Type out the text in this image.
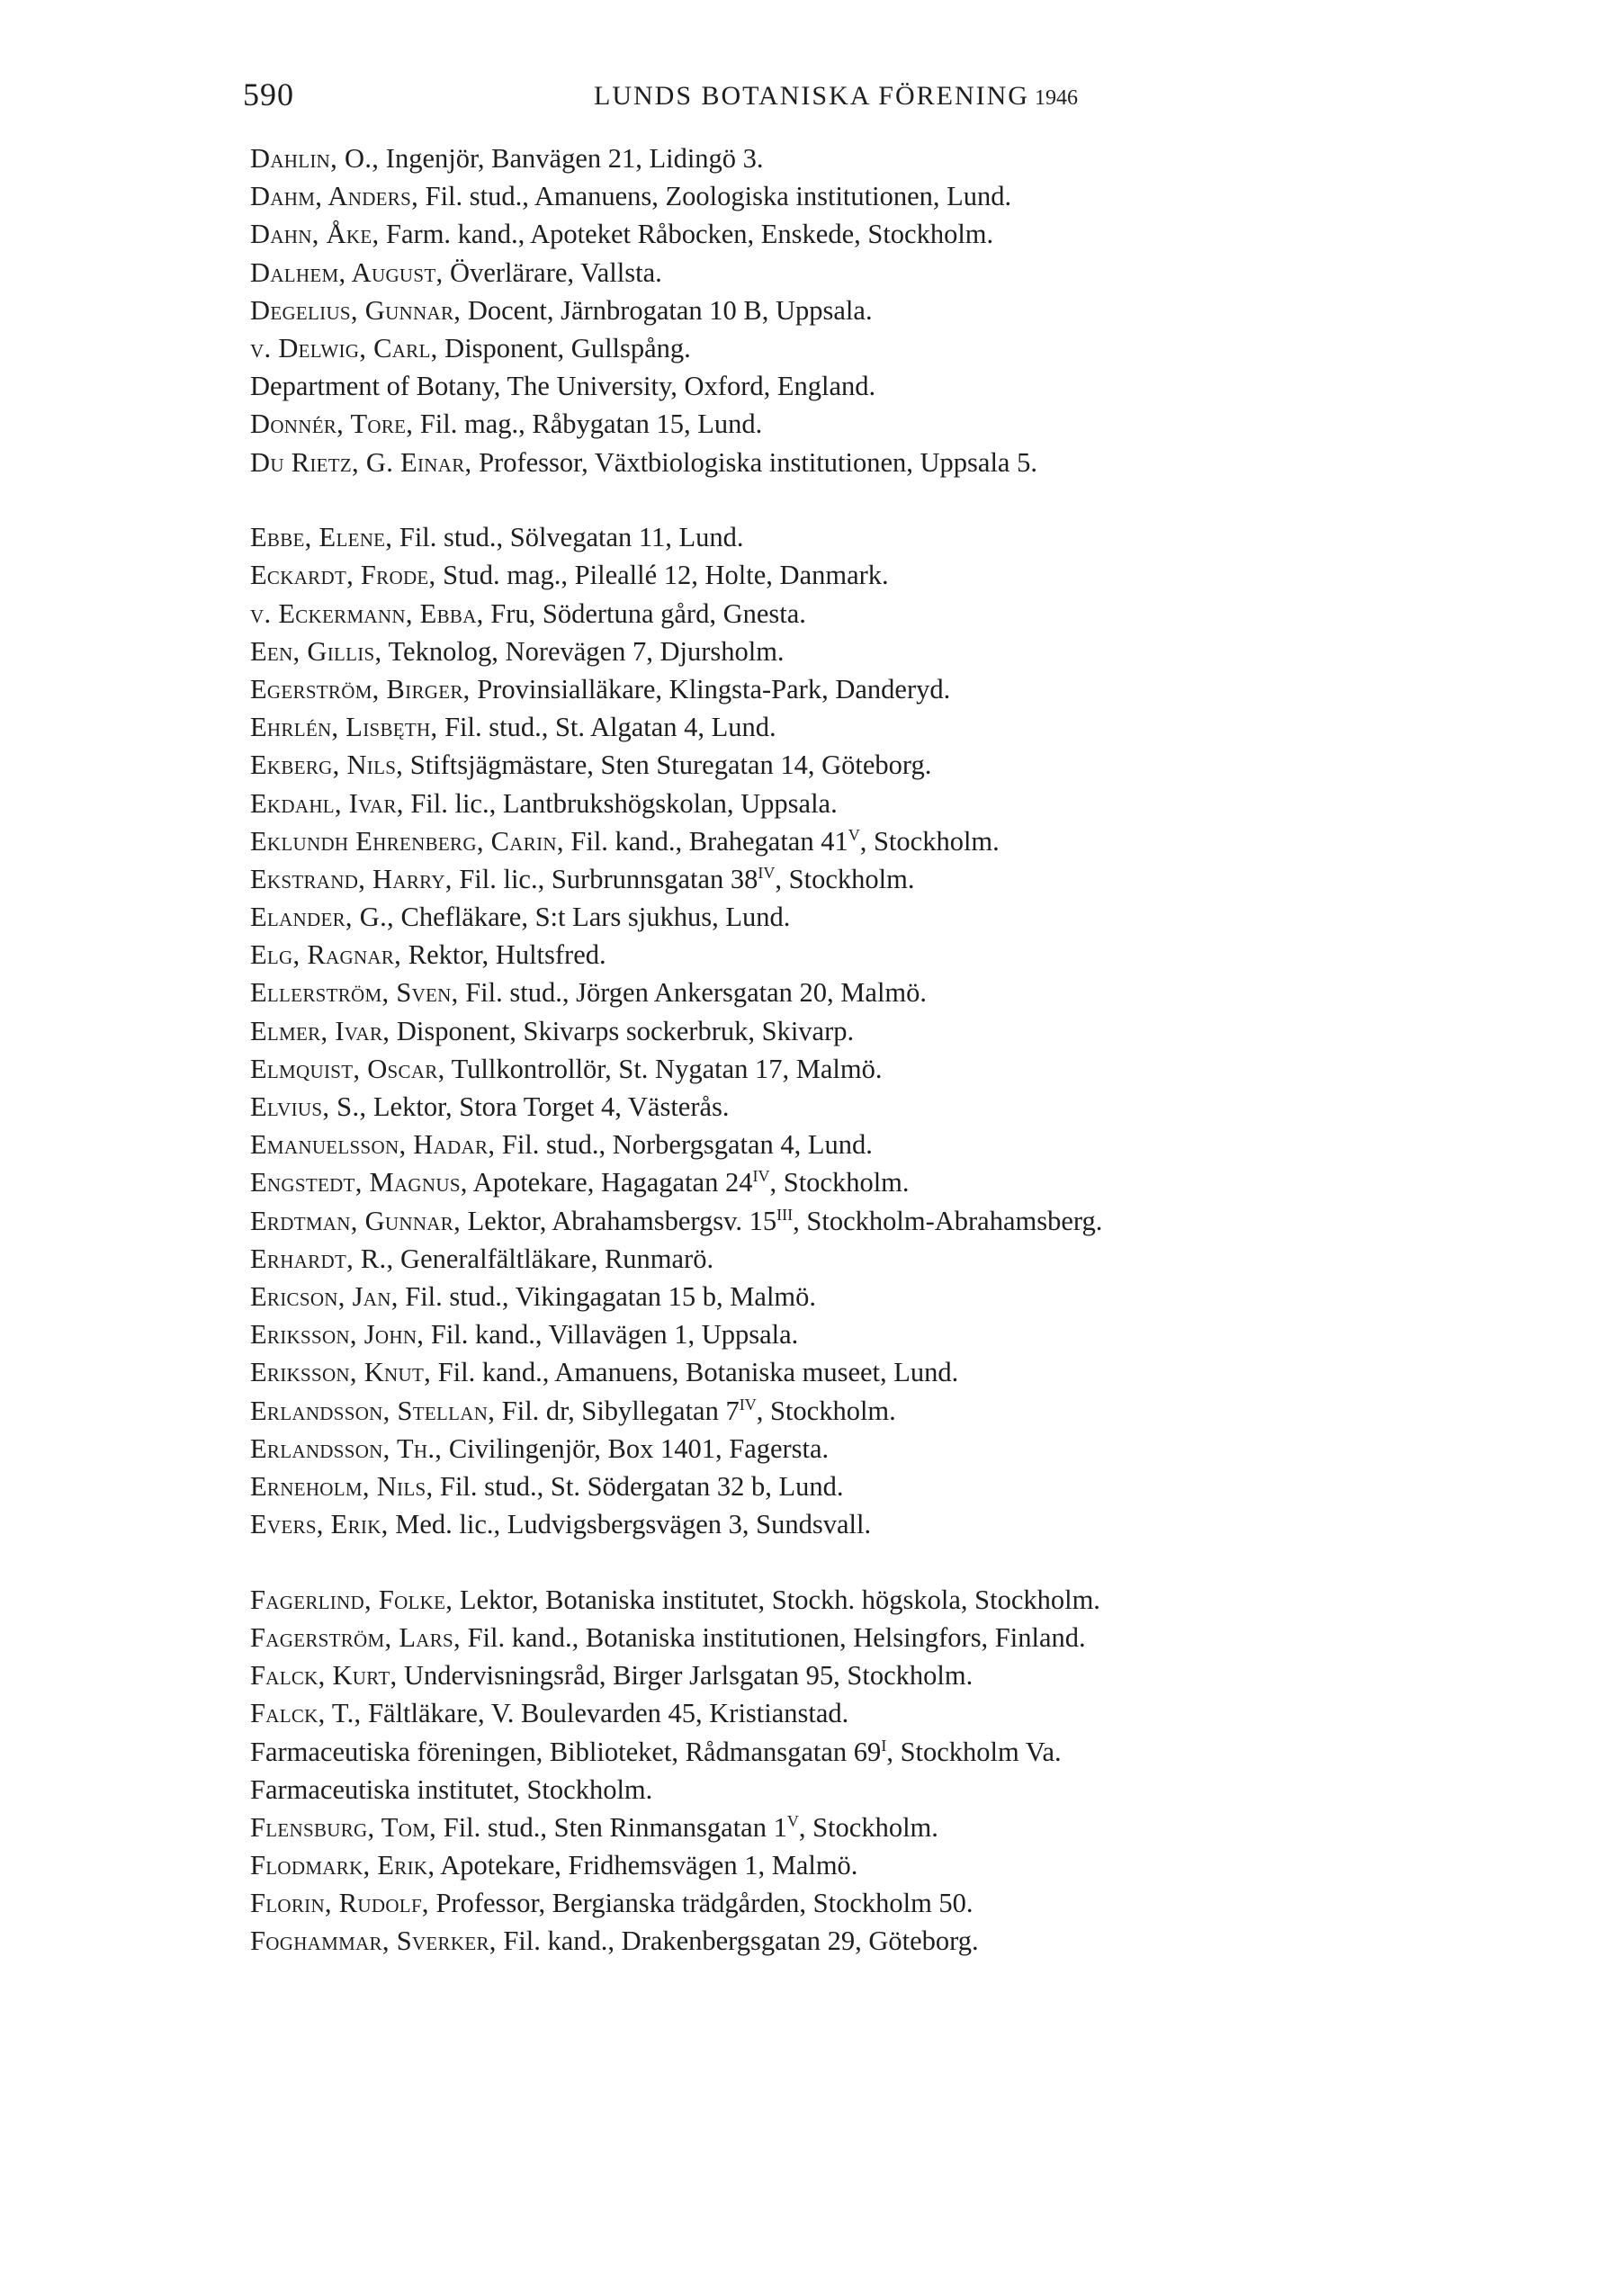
590	LUNDS BOTANISKA FÖRENING 1946
Dahlin, O., Ingenjör, Banvägen 21, Lidingö 3.
Dahm, Anders, Fil. stud., Amanuens, Zoologiska institutionen, Lund.
Dahn, Åke, Farm. kand., Apoteket Råbocken, Enskede, Stockholm.
Dalhem, August, Överlärare, Vallsta.
Degelius, Gunnar, Docent, Järnbrogatan 10 B, Uppsala.
v. Delwig, Carl, Disponent, Gullspång.
Department of Botany, The University, Oxford, England.
Donnér, Tore, Fil. mag., Råbygatan 15, Lund.
Du Rietz, G. Einar, Professor, Växtbiologiska institutionen, Uppsala 5.
Ebbe, Elene, Fil. stud., Sölvegatan 11, Lund.
Eckardt, Frode, Stud. mag., Pileallé 12, Holte, Danmark.
v. Eckermann, Ebba, Fru, Södertuna gård, Gnesta.
Een, Gillis, Teknolog, Norevägen 7, Djursholm.
Egerström, Birger, Provinsialläkare, Klingsta-Park, Danderyd.
Ehrlén, Lisbęth, Fil. stud., St. Algatan 4, Lund.
Ekberg, Nils, Stiftsjägmästare, Sten Sturegatan 14, Göteborg.
Ekdahl, Ivar, Fil. lic., Lantbrukshögskolan, Uppsala.
Eklundh Ehrenberg, Carin, Fil. kand., Brahegatan $41^V$, Stockholm.
Ekstrand, Harry, Fil. lic., Surbrunnsgatan $38^{IV}$, Stockholm.
Elander, G., Chefläkare, S:t Lars sjukhus, Lund.
Elg, Ragnar, Rektor, Hultsfred.
Ellerström, Sven, Fil. stud., Jörgen Ankersgatan 20, Malmö.
Elmer, Ivar, Disponent, Skivarps sockerbruk, Skivarp.
Elmquist, Oscar, Tullkontrollör, St. Nygatan 17, Malmö.
Elvius, S., Lektor, Stora Torget 4, Västerås.
Emanuelsson, Hadar, Fil. stud., Norbergsgatan 4, Lund.
Engstedt, Magnus, Apotekare, Hagagatan $24^{IV}$, Stockholm.
Erdtman, Gunnar, Lektor, Abrahamsbergsv. $15^{III}$, Stockholm-Abrahamsberg.
Erhardt, R., Generalfältläkare, Runmarö.
Ericson, Jan, Fil. stud., Vikingagatan 15 b, Malmö.
Eriksson, John, Fil. kand., Villavägen 1, Uppsala.
Eriksson, Knut, Fil. kand., Amanuens, Botaniska museet, Lund.
Erlandsson, Stellan, Fil. dr, Sibyllegatan $7^{IV}$, Stockholm.
Erlandsson, Th., Civilingenjör, Box 1401, Fagersta.
Erneholm, Nils, Fil. stud., St. Södergatan 32 b, Lund.
Evers, Erik, Med. lic., Ludvigsbergsvägen 3, Sundsvall.
Fagerlind, Folke, Lektor, Botaniska institutet, Stockh. högskola, Stockholm.
Fagerström, Lars, Fil. kand., Botaniska institutionen, Helsingfors, Finland.
Falck, Kurt, Undervisningsråd, Birger Jarlsgatan 95, Stockholm.
Falck, T., Fältläkare, V. Boulevarden 45, Kristianstad.
Farmaceutiska föreningen, Biblioteket, Rådmansgatan $69^I$, Stockholm Va.
Farmaceutiska institutet, Stockholm.
Flensburg, Tom, Fil. stud., Sten Rinmansgatan $1^V$, Stockholm.
Flodmark, Erik, Apotekare, Fridhemsvägen 1, Malmö.
Florin, Rudolf, Professor, Bergianska trädgården, Stockholm 50.
Foghammar, Sverker, Fil. kand., Drakenbergsgatan 29, Göteborg.
